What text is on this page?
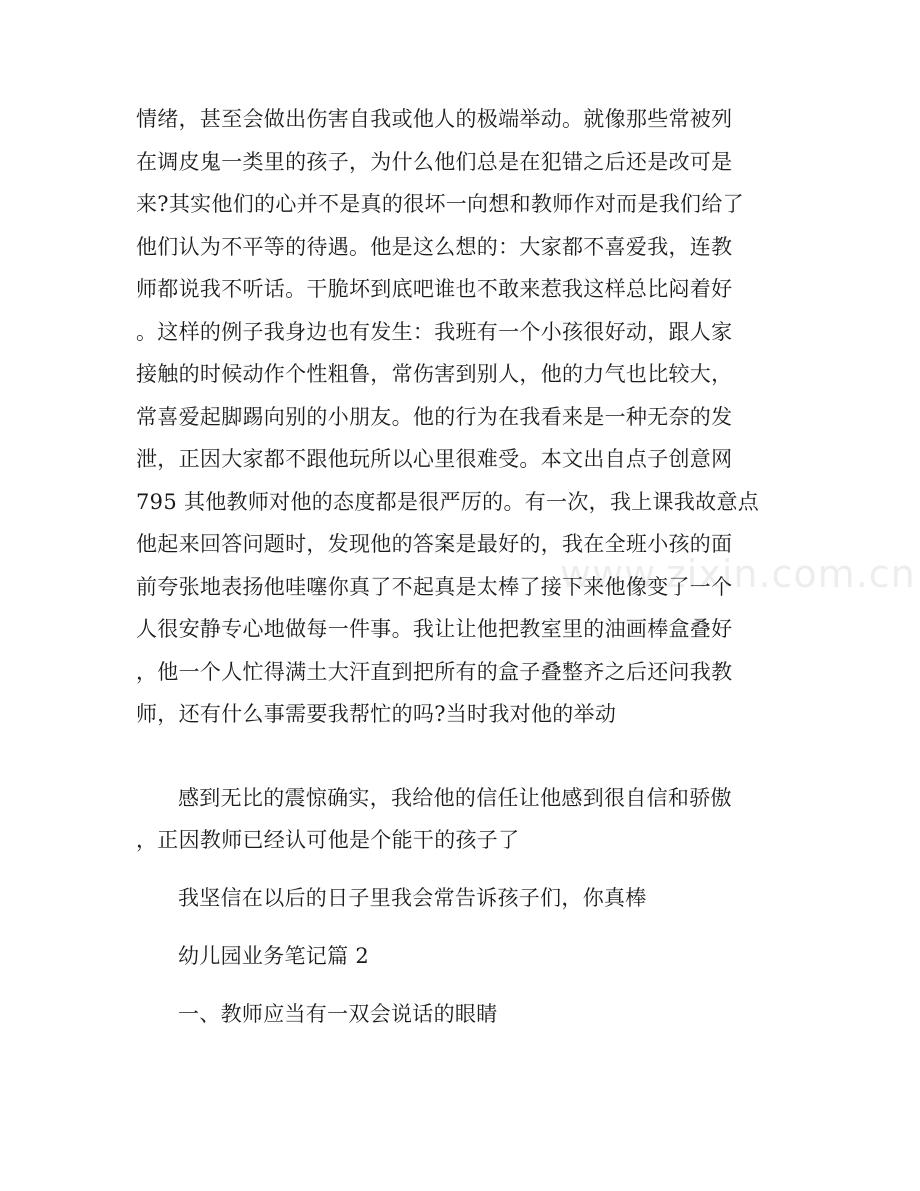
情绪，甚至会做出伤害自我或他人的极端举动。就像那些常被列
在调皮鬼一类里的孩子，为什么他们总是在犯错之后还是改可是
来?其实他们的心并不是真的很坏一向想和教师作对而是我们给了
他们认为不平等的待遇。他是这么想的：大家都不喜爱我，连教
师都说我不听话。干脆坏到底吧谁也不敢来惹我这样总比闷着好
。这样的例子我身边也有发生：我班有一个小孩很好动，跟人家
接触的时候动作个性粗鲁，常伤害到别人，他的力气也比较大，
常喜爱起脚踢向别的小朋友。他的行为在我看来是一种无奈的发
泄，正因大家都不跟他玩所以心里很难受。本文出自点子创意网
795 其他教师对他的态度都是很严厉的。有一次，我上课我故意点
他起来回答问题时，发现他的答案是最好的，我在全班小孩的面
前夸张地表扬他哇噻你真了不起真是太棒了接下来他像变了一个
人很安静专心地做每一件事。我让让他把教室里的油画棒盒叠好
，他一个人忙得满土大汗直到把所有的盒子叠整齐之后还问我教
师，还有什么事需要我帮忙的吗?当时我对他的举动
感到无比的震惊确实，我给他的信任让他感到很自信和骄傲
，正因教师已经认可他是个能干的孩子了
我坚信在以后的日子里我会常告诉孩子们，你真棒
幼儿园业务笔记篇 2
一、教师应当有一双会说话的眼睛
www.zixin.com.cn
